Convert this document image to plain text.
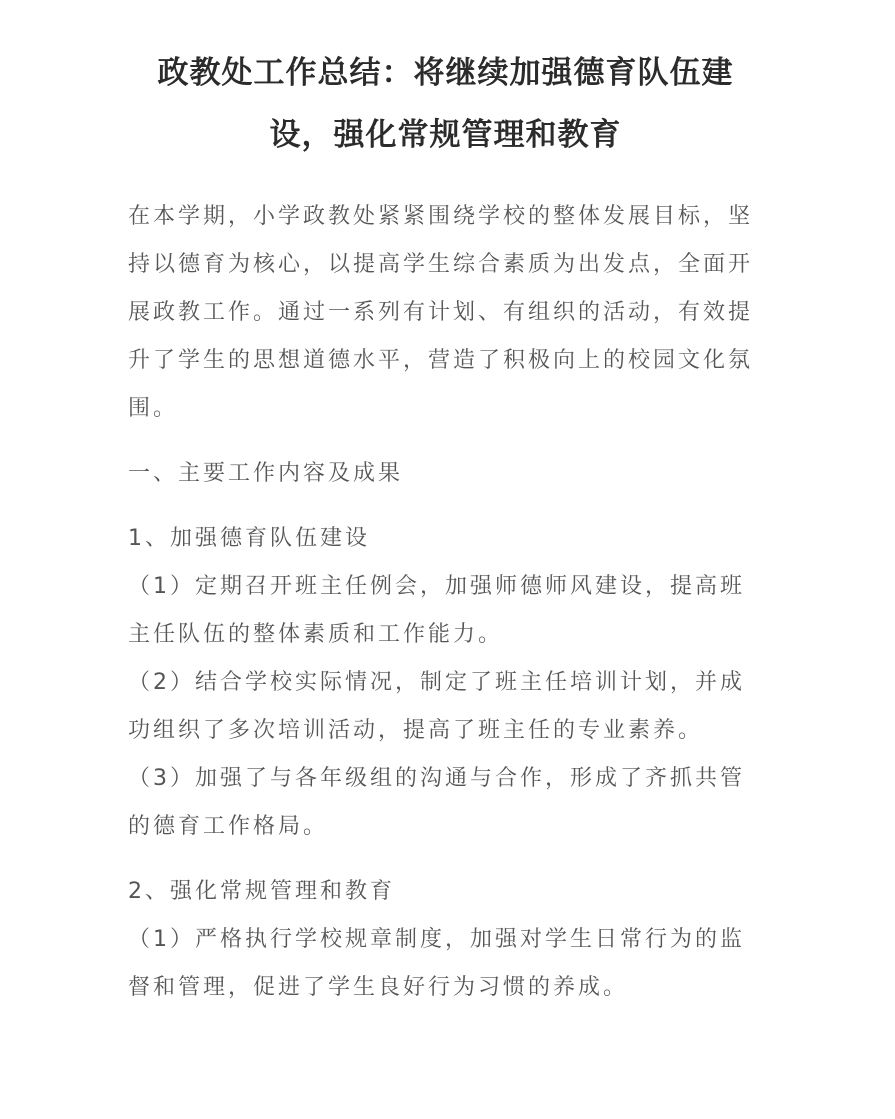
政教处工作总结：将继续加强德育队伍建设，强化常规管理和教育

在本学期，小学政教处紧紧围绕学校的整体发展目标，坚持以德育为核心，以提高学生综合素质为出发点，全面开展政教工作。通过一系列有计划、有组织的活动，有效提升了学生的思想道德水平，营造了积极向上的校园文化氛围。

一、主要工作内容及成果
1、加强德育队伍建设

（1）定期召开班主任例会，加强师德师风建设，提高班主任队伍的整体素质和工作能力。

（2）结合学校实际情况，制定了班主任培训计划，并成功组织了多次培训活动，提高了班主任的专业素养。

（3）加强了与各年级组的沟通与合作，形成了齐抓共管的德育工作格局。

2、强化常规管理和教育

（1）严格执行学校规章制度，加强对学生日常行为的监督和管理，促进了学生良好行为习惯的养成。
